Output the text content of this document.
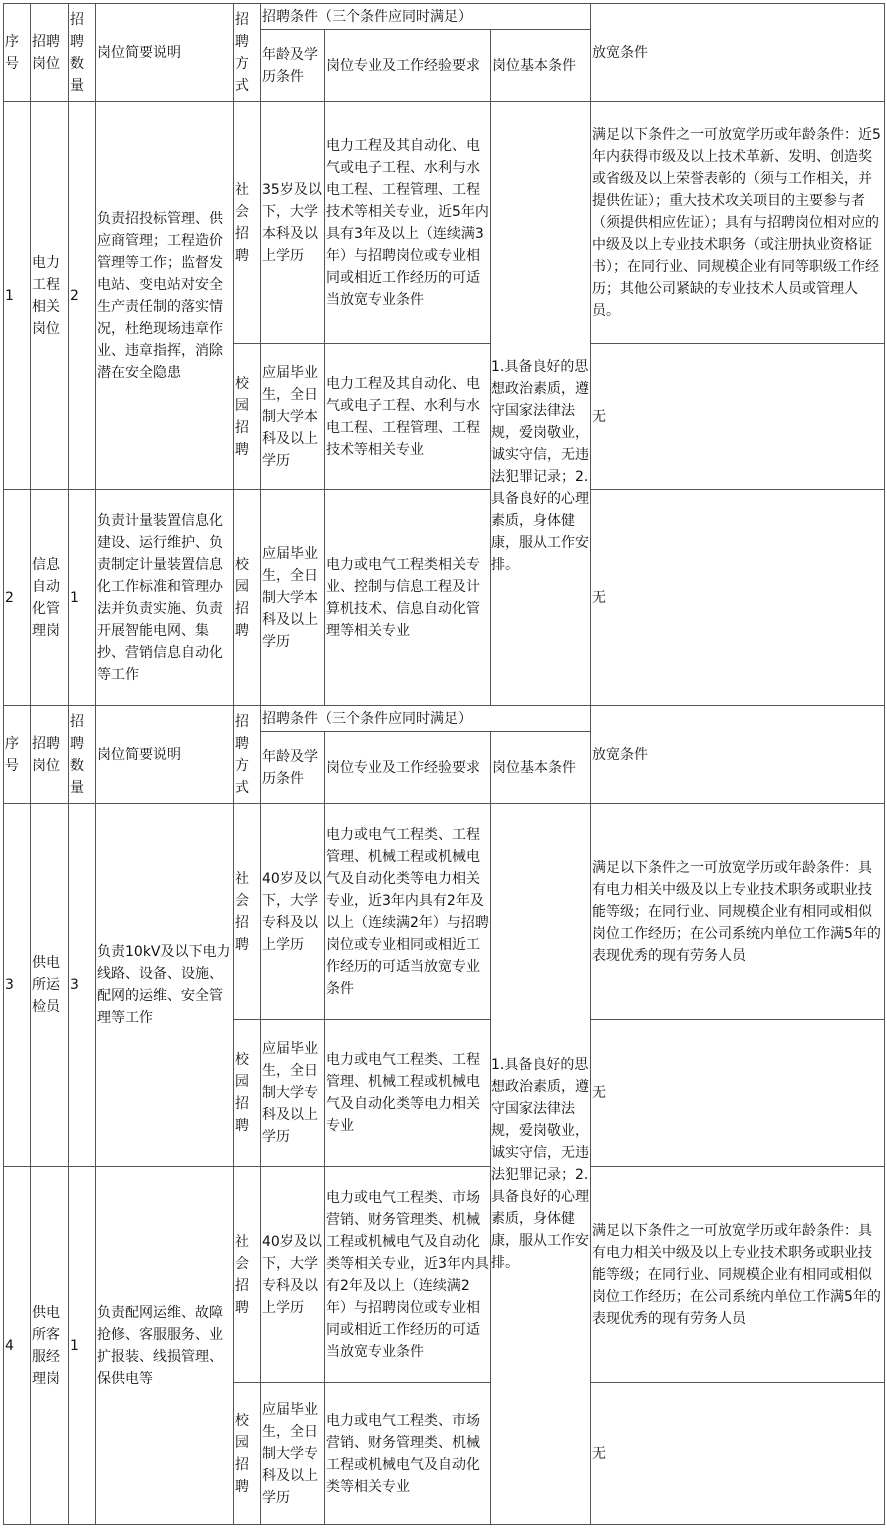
序号	招聘岗位	招聘数量	岗位简要说明	招聘方式	招聘条件（三个条件应同时满足）			放宽条件
					年龄及学历条件	岗位专业及工作经验要求	岗位基本条件	
1	电力工程相关岗位	2	负责招投标管理、供应商管理；工程造价管理等工作；监督发电站、变电站对安全生产责任制的落实情况，杜绝现场违章作业、违章指挥，消除潜在安全隐患	社会招聘	35岁及以下，大学本科及以上学历	电力工程及其自动化、电气或电子工程、水利与水电工程、工程管理、工程技术等相关专业，近5年内具有3年及以上（连续满3年）与招聘岗位或专业相同或相近工作经历的可适当放宽专业条件	1.具备良好的思想政治素质，遵守国家法律法规，爱岗敬业，诚实守信，无违法犯罪记录；2.具备良好的心理素质，身体健康，服从工作安排。	满足以下条件之一可放宽学历或年龄条件：近5年内获得市级及以上技术革新、发明、创造奖或省级及以上荣誉表彰的（须与工作相关，并提供佐证）；重大技术攻关项目的主要参与者（须提供相应佐证）；具有与招聘岗位相对应的中级及以上专业技术职务（或注册执业资格证书）；在同行业、同规模企业有同等职级工作经历；其他公司紧缺的专业技术人员或管理人员。
				校园招聘	应届毕业生，全日制大学本科及以上学历	电力工程及其自动化、电气或电子工程、水利与水电工程、工程管理、工程技术等相关专业		无
2	信息自动化管理岗	1	负责计量装置信息化建设、运行维护、负责制定计量装置信息化工作标准和管理办法并负责实施、负责开展智能电网、集抄、营销信息自动化等工作	校园招聘	应届毕业生，全日制大学本科及以上学历	电力或电气工程类相关专业、控制与信息工程及计算机技术、信息自动化管理等相关专业		无
序号	招聘岗位	招聘数量	岗位简要说明	招聘方式	招聘条件（三个条件应同时满足）			放宽条件
					年龄及学历条件	岗位专业及工作经验要求	岗位基本条件	
3	供电所运检员	3	负责10kV及以下电力线路、设备、设施、配网的运维、安全管理等工作	社会招聘	40岁及以下，大学专科及以上学历	电力或电气工程类、工程管理、机械工程或机械电气及自动化类等电力相关专业，近3年内具有2年及以上（连续满2年）与招聘岗位或专业相同或相近工作经历的可适当放宽专业条件	1.具备良好的思想政治素质，遵守国家法律法规，爱岗敬业，诚实守信，无违法犯罪记录；2.具备良好的心理素质，身体健康，服从工作安排。	满足以下条件之一可放宽学历或年龄条件：具有电力相关中级及以上专业技术职务或职业技能等级；在同行业、同规模企业有相同或相似岗位工作经历；在公司系统内单位工作满5年的表现优秀的现有劳务人员
				校园招聘	应届毕业生，全日制大学专科及以上学历	电力或电气工程类、工程管理、机械工程或机械电气及自动化类等电力相关专业		无
4	供电所客服经理岗	1	负责配网运维、故障抢修、客服服务、业扩报装、线损管理、保供电等	社会招聘	40岁及以下，大学专科及以上学历	电力或电气工程类、市场营销、财务管理类、机械工程或机械电气及自动化类等相关专业，近3年内具有2年及以上（连续满2年）与招聘岗位或专业相同或相近工作经历的可适当放宽专业条件		满足以下条件之一可放宽学历或年龄条件：具有电力相关中级及以上专业技术职务或职业技能等级；在同行业、同规模企业有相同或相似岗位工作经历；在公司系统内单位工作满5年的表现优秀的现有劳务人员
				校园招聘	应届毕业生，全日制大学专科及以上学历	电力或电气工程类、市场营销、财务管理类、机械工程或机械电气及自动化类等相关专业		无
